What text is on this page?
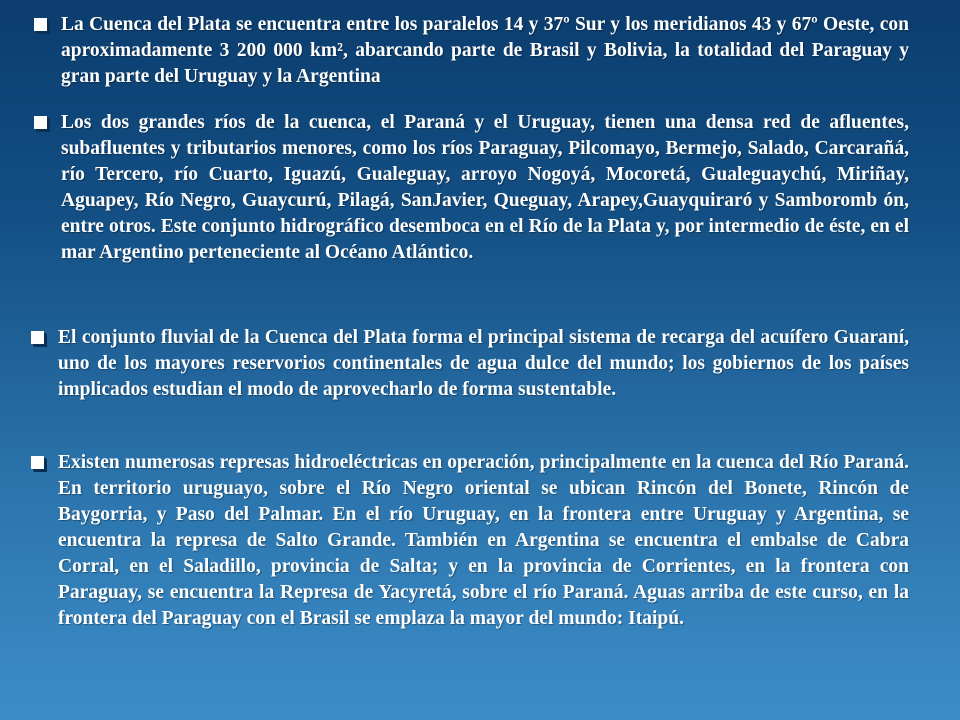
La Cuenca del Plata se encuentra entre los paralelos 14 y 37º Sur y los meridianos 43 y 67º Oeste, con aproximadamente 3 200 000 km², abarcando parte de Brasil y Bolivia, la totalidad del Paraguay y gran parte del Uruguay y la Argentina
Los dos grandes ríos de la cuenca, el Paraná y el Uruguay, tienen una densa red de afluentes, subafluentes y tributarios menores, como los ríos Paraguay, Pilcomayo, Bermejo, Salado, Carcarañá, río Tercero, río Cuarto, Iguazú, Gualeguay, arroyo Nogoyá, Mocoretá, Gualeguaychú, Miriñay, Aguapey, Río Negro, Guaycurú, Pilagá, SanJavier, Queguay, Arapey,Guayquiraró y Samboromb ón, entre otros. Este conjunto hidrográfico desemboca en el Río de la Plata y, por intermedio de éste, en el mar Argentino perteneciente al Océano Atlántico.
El conjunto fluvial de la Cuenca del Plata forma el principal sistema de recarga del acuífero Guaraní, uno de los mayores reservorios continentales de agua dulce del mundo; los gobiernos de los países implicados estudian el modo de aprovecharlo de forma sustentable.
Existen numerosas represas hidroeléctricas en operación, principalmente en la cuenca del Río Paraná. En territorio uruguayo, sobre el Río Negro oriental se ubican Rincón del Bonete, Rincón de Baygorria, y Paso del Palmar. En el río Uruguay, en la frontera entre Uruguay y Argentina, se encuentra la represa de Salto Grande. También en Argentina se encuentra el embalse de Cabra Corral, en el Saladillo, provincia de Salta; y en la provincia de Corrientes, en la frontera con Paraguay, se encuentra la Represa de Yacyretá, sobre el río Paraná. Aguas arriba de este curso, en la frontera del Paraguay con el Brasil se emplaza la mayor del mundo: Itaipú.
